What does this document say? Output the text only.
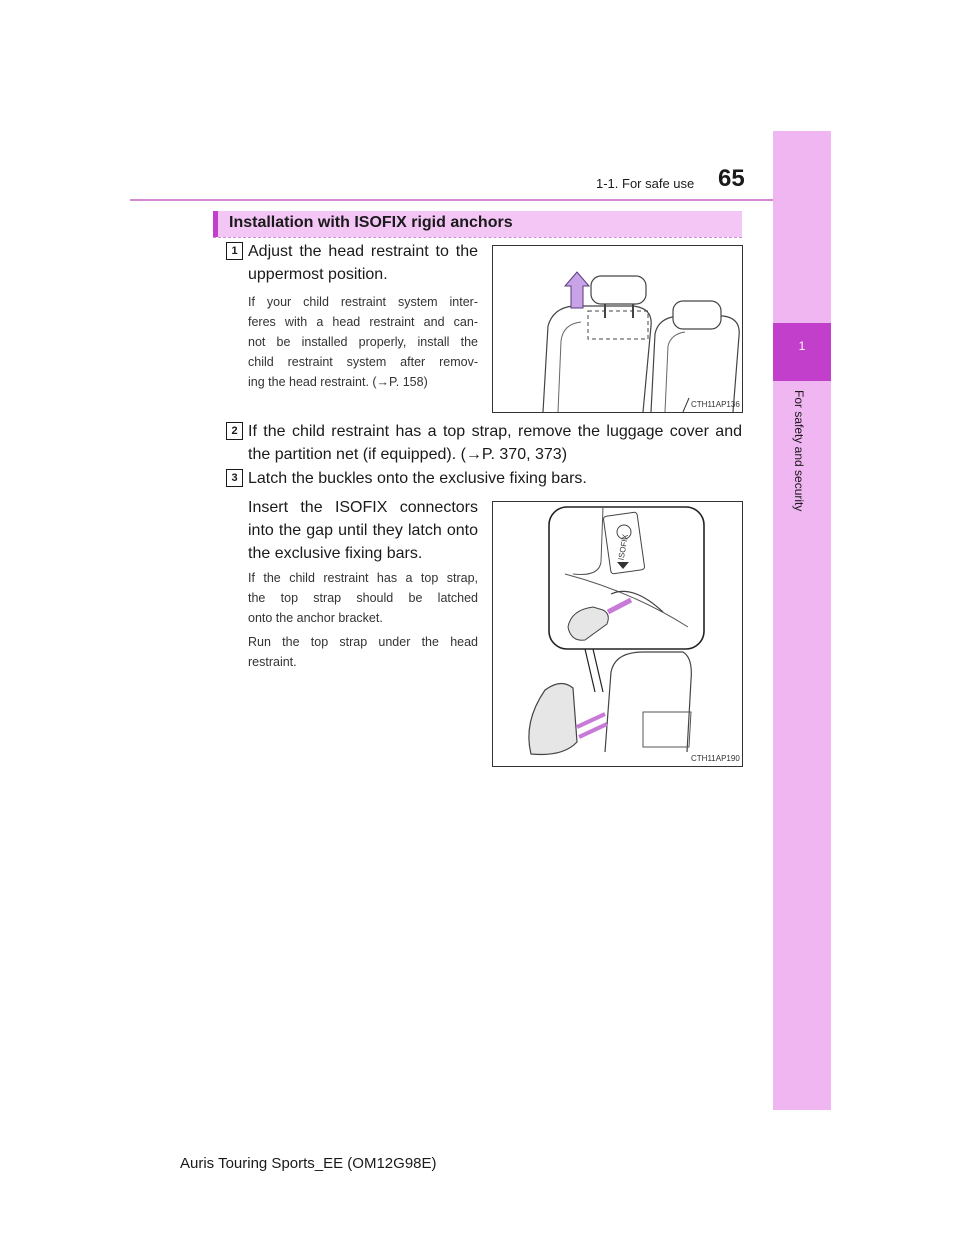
1
For safety and security
1-1. For safe use 65
Installation with ISOFIX rigid anchors
1 Adjust the head restraint to the
uppermost position.
If your child restraint system inter-
feres with a head restraint and can-
not be installed properly, install the
child restraint system after remov-
ing the head restraint. (→P. 158)
CTH11AP136
2 If the child restraint has a top strap, remove the luggage cover and
the partition net (if equipped). (→P. 370, 373)
3 Latch the buckles onto the exclusive fixing bars.
Insert the ISOFIX connectors
into the gap until they latch onto
the exclusive fixing bars.
If the child restraint has a top strap,
the top strap should be latched
onto the anchor bracket.
Run the top strap under the head
restraint.
ISOFIX
CTH11AP190
Auris Touring Sports_EE (OM12G98E)
